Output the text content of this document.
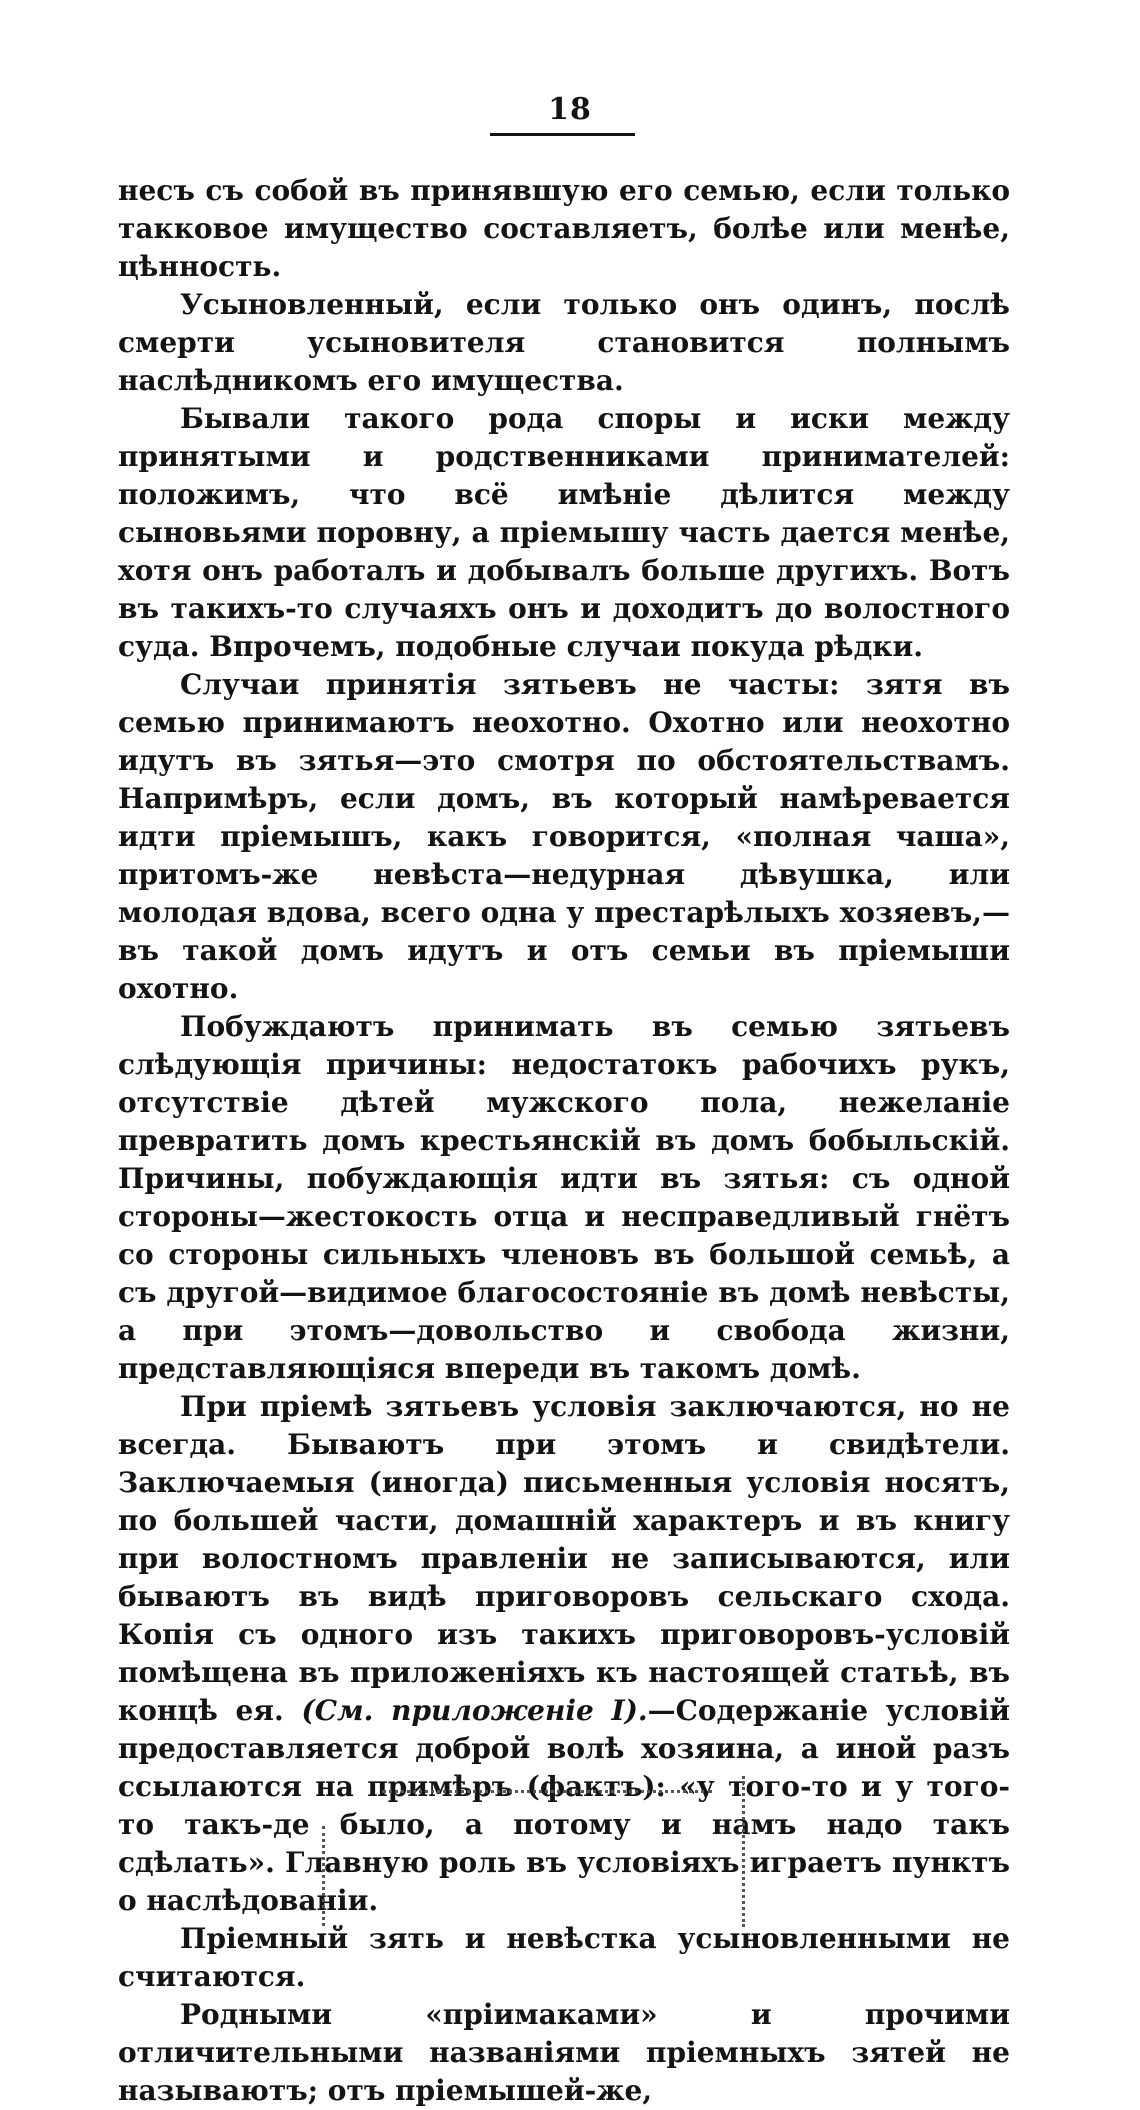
18

несъ съ собой въ принявшую его семью, если только такковое имущество составляетъ, болѣе или менѣе, цѣнность.

Усыновленный, если только онъ одинъ, послѣ смерти усыновителя становится полнымъ наслѣдникомъ его имущества.

Бывали такого рода споры и иски между принятыми и родственниками принимателей: положимъ, что всё имѣніе дѣлится между сыновьями поровну, а пріемышу часть дается менѣе, хотя онъ работалъ и добывалъ больше другихъ. Вотъ въ такихъ-то случаяхъ онъ и доходитъ до волостного суда. Впрочемъ, подобные случаи покуда рѣдки.

Случаи принятія зятьевъ не часты: зятя въ семью принимаютъ неохотно. Охотно или неохотно идутъ въ зятья—это смотря по обстоятельствамъ. Напримѣръ, если домъ, въ который намѣревается идти пріемышъ, какъ говорится, «полная чаша», притомъ-же невѣста—недурная дѣвушка, или молодая вдова, всего одна у престарѣлыхъ хозяевъ,—въ такой домъ идутъ и отъ семьи въ пріемыши охотно.

Побуждаютъ принимать въ семью зятьевъ слѣдующія причины: недостатокъ рабочихъ рукъ, отсутствіе дѣтей мужского пола, нежеланіе превратить домъ крестьянскій въ домъ бобыльскій. Причины, побуждающія идти въ зятья: съ одной стороны—жестокость отца и несправедливый гнётъ со стороны сильныхъ членовъ въ большой семьѣ, а съ другой—видимое благосостояніе въ домѣ невѣсты, а при этомъ—довольство и свобода жизни, представляющіяся впереди въ такомъ домѣ.

При пріемѣ зятьевъ условія заключаются, но не всегда. Бываютъ при этомъ и свидѣтели. Заключаемыя (иногда) письменныя условія носятъ, по большей части, домашній характеръ и въ книгу при волостномъ правленіи не записываются, или бываютъ въ видѣ приговоровъ сельскаго схода. Копія съ одного изъ такихъ приговоровъ-условій помѣщена въ приложеніяхъ къ настоящей статьѣ, въ концѣ ея. (См. приложеніе I).—Содержаніе условій предоставляется доброй волѣ хозяина, а иной разъ ссылаются на примѣръ (фактъ): «у того-то и у того-то такъ-де было, а потому и намъ надо такъ сдѣлать». Главную роль въ условіяхъ играетъ пунктъ о наслѣдованіи.

Пріемный зять и невѣстка усыновленными не считаются.

Родными «пріимаками» и прочими отличительными названіями пріемныхъ зятей не называютъ; отъ пріемышей-же,
